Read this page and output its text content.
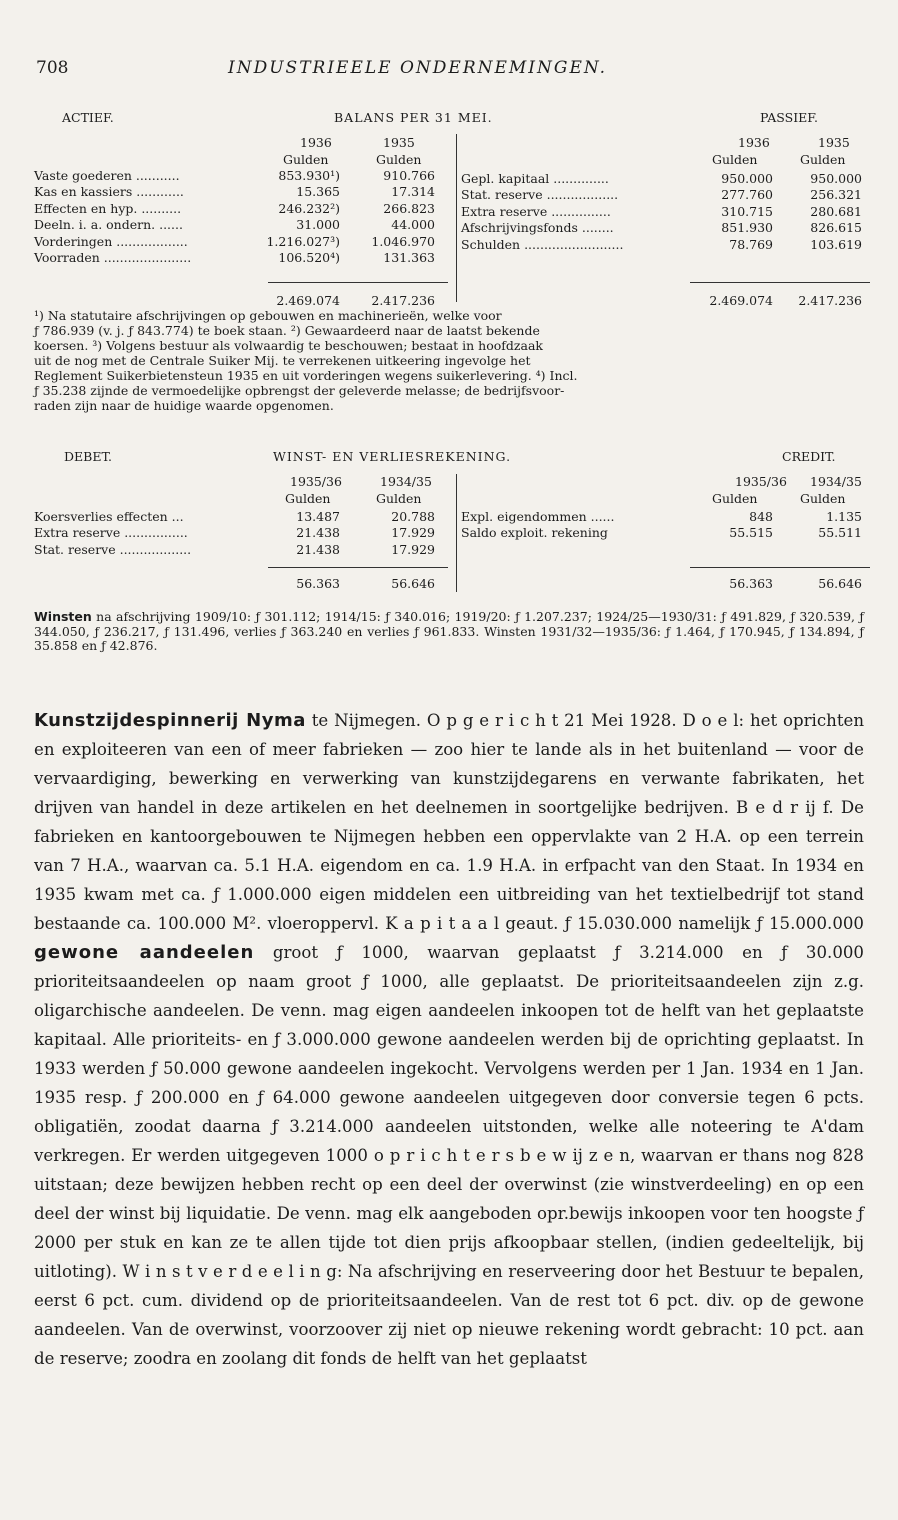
708	INDUSTRIEELE ONDERNEMINGEN.
ACTIEF.	BALANS PER 31 MEI.	PASSIEF.
1936	1935
Gulden	Gulden
1936	1935
Gulden	Gulden
Vaste goederen ...........	853.930¹)	910.766
Kas en kassiers ............	15.365	17.314
Effecten en hyp. ..........	246.232²)	266.823
Deeln. i. a. ondern. ......	31.000	44.000
Vorderingen ..................	1.216.027³)	1.046.970
Voorraden ......................	106.520⁴)	131.363
Gepl. kapitaal ..............	950.000	950.000
Stat. reserve ..................	277.760	256.321
Extra reserve ...............	310.715	280.681
Afschrijvingsfonds ........	851.930	826.615
Schulden .........................	78.769	103.619
2.469.074	2.417.236	2.469.074	2.417.236
¹) Na statutaire afschrijvingen op gebouwen en machinerieën, welke voor
ƒ 786.939 (v. j. ƒ 843.774) te boek staan. ²) Gewaardeerd naar de laatst bekende
koersen. ³) Volgens bestuur als volwaardig te beschouwen; bestaat in hoofdzaak
uit de nog met de Centrale Suiker Mij. te verrekenen uitkeering ingevolge het
Reglement Suikerbietensteun 1935 en uit vorderingen wegens suikerlevering. ⁴) Incl.
ƒ 35.238 zijnde de vermoedelijke opbrengst der geleverde melasse; de bedrijfsvoor-
raden zijn naar de huidige waarde opgenomen.
DEBET.	WINST- EN VERLIESREKENING.	CREDIT.
1935/36	1934/35
Gulden	Gulden
1935/36 1934/35
Gulden	Gulden
Koersverlies effecten ...	13.487	20.788
Extra reserve ................	21.438	17.929
Stat. reserve ..................	21.438	17.929
Expl. eigendommen ......	848	1.135
Saldo exploit. rekening	55.515	55.511
56.363	56.646	56.363	56.646
Winsten na afschrijving 1909/10: ƒ 301.112; 1914/15: ƒ 340.016; 1919/20: ƒ 1.207.237; 1924/25—1930/31: ƒ 491.829, ƒ 320.539, ƒ 344.050, ƒ 236.217, ƒ 131.496, verlies ƒ 363.240 en verlies ƒ 961.833. Winsten 1931/32—1935/36: ƒ 1.464, ƒ 170.945, ƒ 134.894, ƒ 35.858 en ƒ 42.876.

Kunstzijdespinnerij Nyma te Nijmegen. O p g e r i c h t 21 Mei 1928. D o e l: het oprichten en exploiteeren van een of meer fabrieken — zoo hier te lande als in het buitenland — voor de vervaardiging, bewerking en verwerking van kunstzijdegarens en verwante fabrikaten, het drijven van handel in deze artikelen en het deelnemen in soortgelijke bedrijven. B e d r ij f. De fabrieken en kantoorgebouwen te Nijmegen hebben een oppervlakte van 2 H.A. op een terrein van 7 H.A., waarvan ca. 5.1 H.A. eigendom en ca. 1.9 H.A. in erfpacht van den Staat. In 1934 en 1935 kwam met ca. ƒ 1.000.000 eigen middelen een uitbreiding van het textielbedrijf tot stand bestaande ca. 100.000 M². vloeroppervl. K a p i t a a l geaut. ƒ 15.030.000 namelijk ƒ 15.000.000 gewone aandeelen groot ƒ 1000, waarvan geplaatst ƒ 3.214.000 en ƒ 30.000 prioriteitsaandeelen op naam groot ƒ 1000, alle geplaatst. De prioriteitsaandeelen zijn z.g. oligarchische aandeelen. De venn. mag eigen aandeelen inkoopen tot de helft van het geplaatste kapitaal. Alle prioriteits- en ƒ 3.000.000 gewone aandeelen werden bij de oprichting geplaatst. In 1933 werden ƒ 50.000 gewone aandeelen ingekocht. Vervolgens werden per 1 Jan. 1934 en 1 Jan. 1935 resp. ƒ 200.000 en ƒ 64.000 gewone aandeelen uitgegeven door conversie tegen 6 pcts. obligatiën, zoodat daarna ƒ 3.214.000 aandeelen uitstonden, welke alle noteering te A'dam verkregen. Er werden uitgegeven 1000 o p r i c h t e r s b e w ij z e n, waarvan er thans nog 828 uitstaan; deze bewijzen hebben recht op een deel der overwinst (zie winstverdeeling) en op een deel der winst bij liquidatie. De venn. mag elk aangeboden opr.bewijs inkoopen voor ten hoogste ƒ 2000 per stuk en kan ze te allen tijde tot dien prijs afkoopbaar stellen, (indien gedeeltelijk, bij uitloting). W i n s t v e r d e e l i n g: Na afschrijving en reserveering door het Bestuur te bepalen, eerst 6 pct. cum. dividend op de prioriteitsaandeelen. Van de rest tot 6 pct. div. op de gewone aandeelen. Van de overwinst, voorzoover zij niet op nieuwe rekening wordt gebracht: 10 pct. aan de reserve; zoodra en zoolang dit fonds de helft van het geplaatst
